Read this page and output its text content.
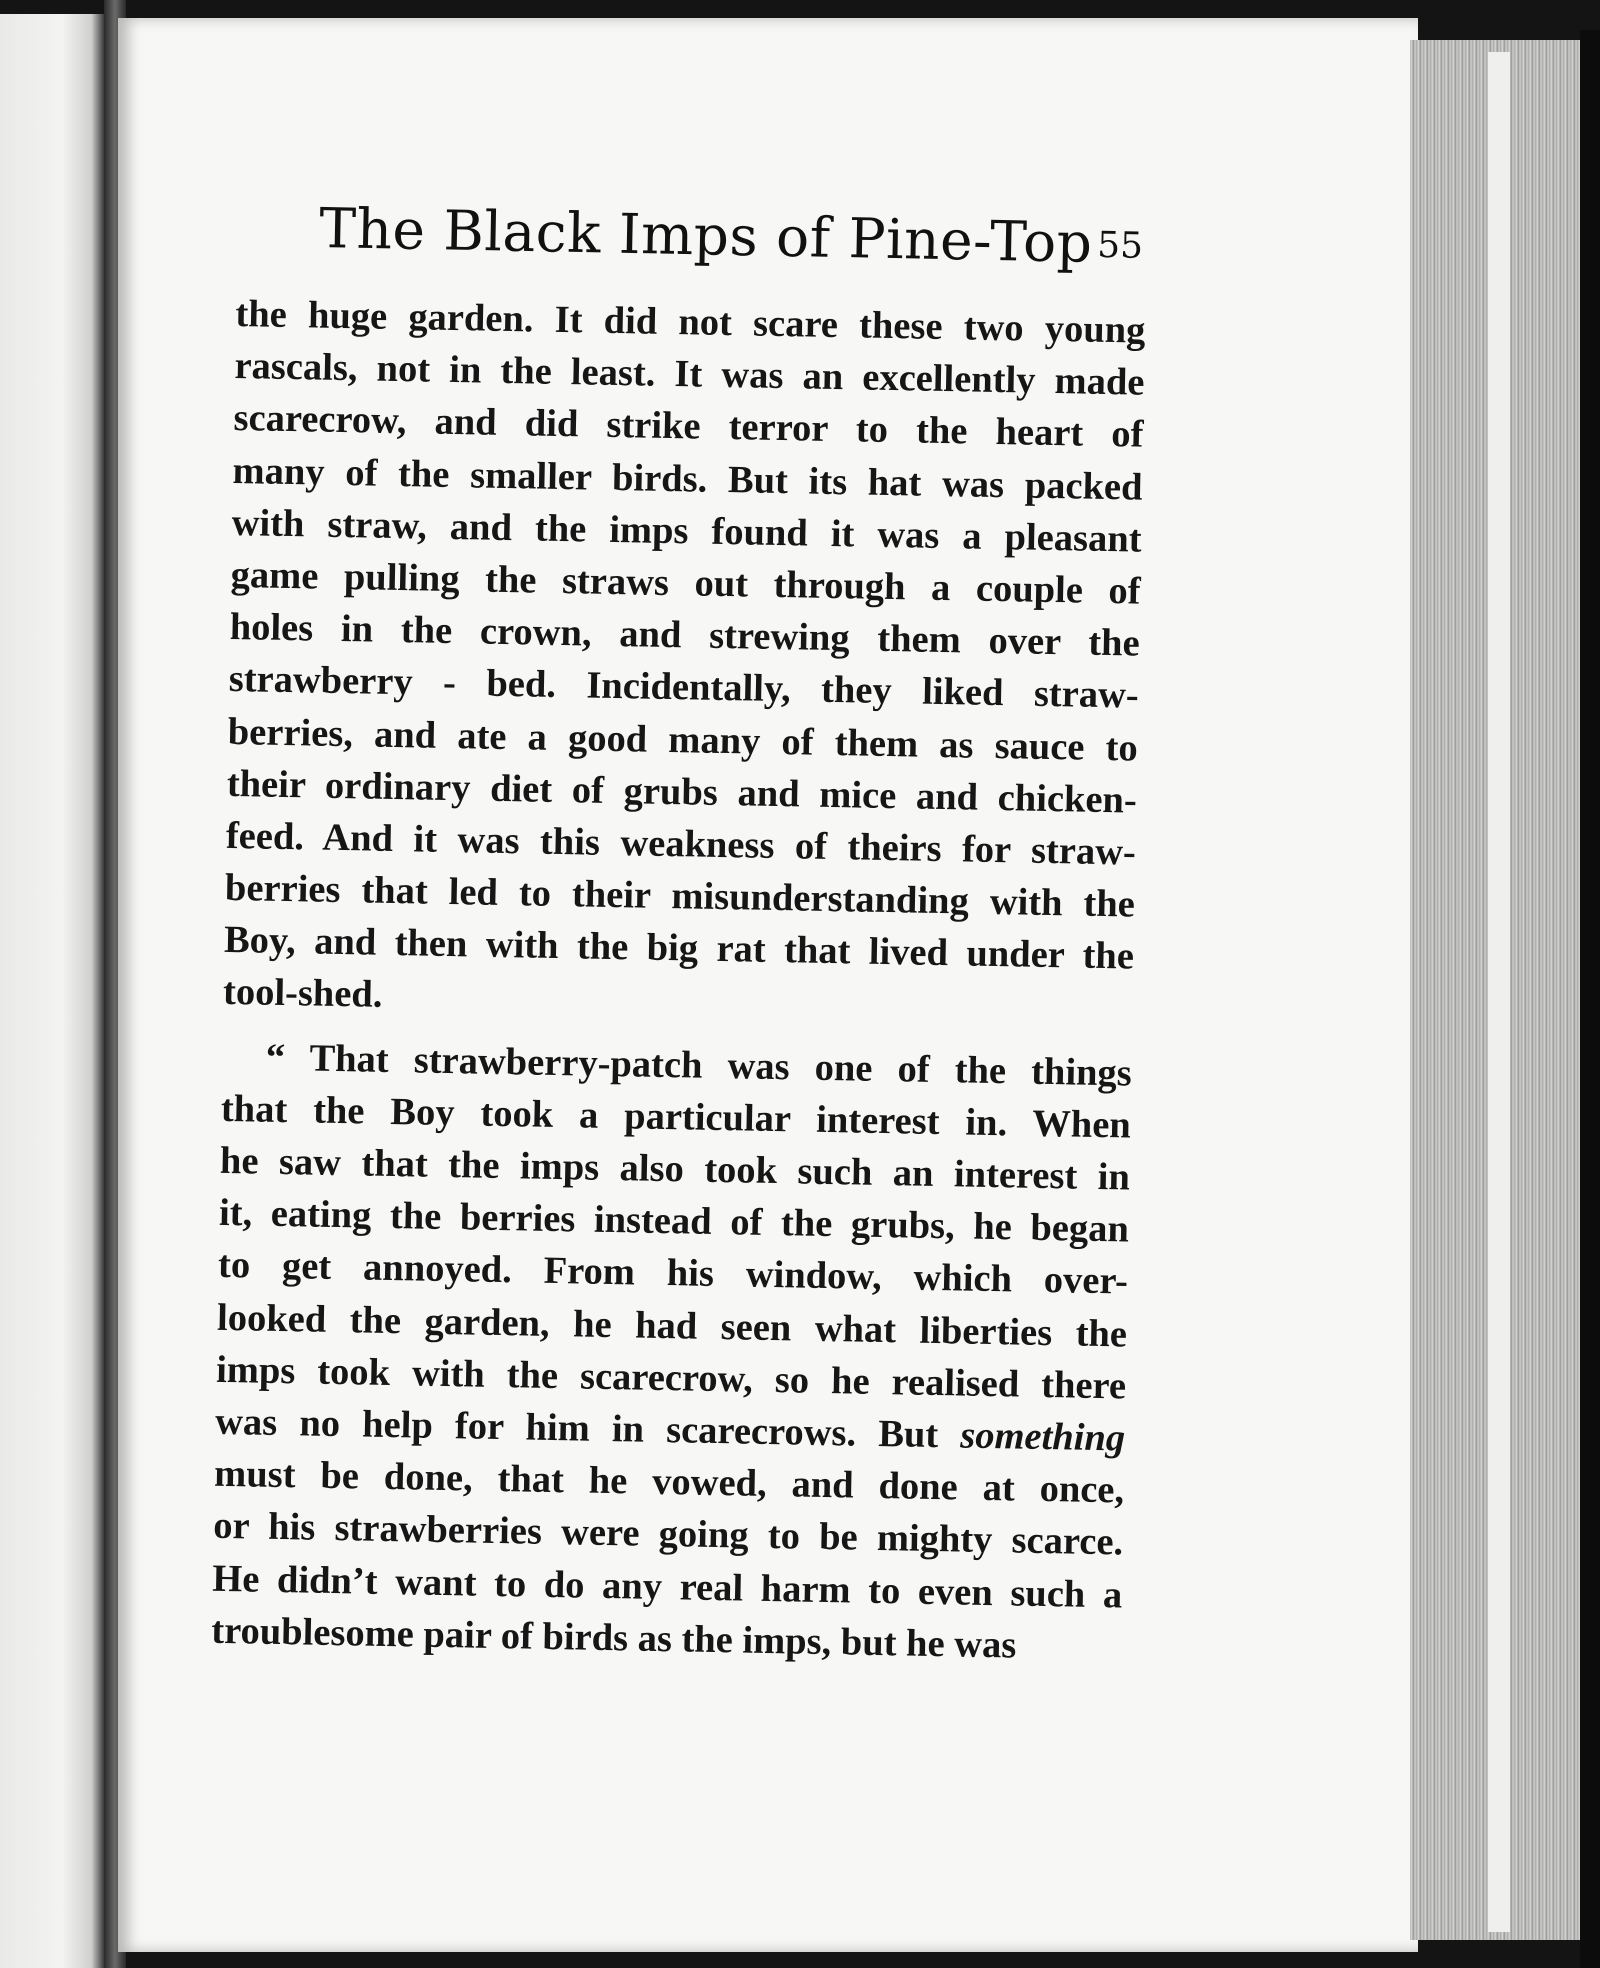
The Black Imps of Pine-Top 55
the huge garden. It did not scare these two young
rascals, not in the least. It was an excellently made
scarecrow, and did strike terror to the heart of
many of the smaller birds. But its hat was packed
with straw, and the imps found it was a pleasant
game pulling the straws out through a couple of
holes in the crown, and strewing them over the
strawberry - bed. Incidentally, they liked straw-
berries, and ate a good many of them as sauce to
their ordinary diet of grubs and mice and chicken-
feed. And it was this weakness of theirs for straw-
berries that led to their misunderstanding with the
Boy, and then with the big rat that lived under the
tool-shed.
“ That strawberry-patch was one of the things
that the Boy took a particular interest in. When
he saw that the imps also took such an interest in
it, eating the berries instead of the grubs, he began
to get annoyed. From his window, which over-
looked the garden, he had seen what liberties the
imps took with the scarecrow, so he realised there
was no help for him in scarecrows. But something
must be done, that he vowed, and done at once,
or his strawberries were going to be mighty scarce.
He didn’t want to do any real harm to even such a
troublesome pair of birds as the imps, but he was
